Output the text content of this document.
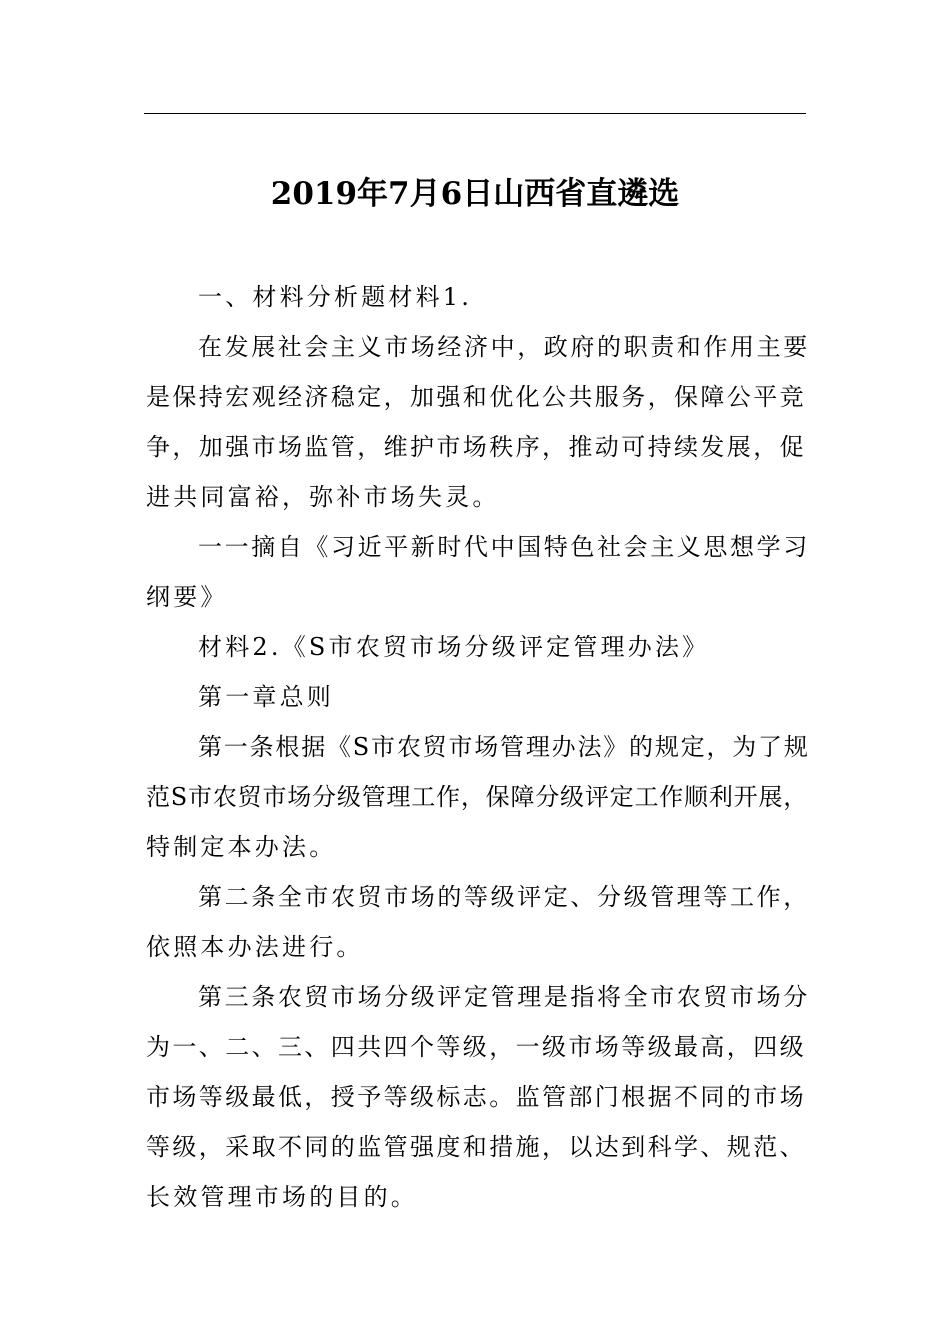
2019年7月6日山西省直遴选

一、材料分析题材料1.

在发展社会主义市场经济中，政府的职责和作用主要

是保持宏观经济稳定，加强和优化公共服务，保障公平竞

争，加强市场监管，维护市场秩序，推动可持续发展，促

进共同富裕，弥补市场失灵。

一一摘自《习近平新时代中国特色社会主义思想学习

纲要》

材料2.《S市农贸市场分级评定管理办法》

第一章总则

第一条根据《S市农贸市场管理办法》的规定，为了规

范S市农贸市场分级管理工作，保障分级评定工作顺利开展，

特制定本办法。

第二条全市农贸市场的等级评定、分级管理等工作，

依照本办法进行。

第三条农贸市场分级评定管理是指将全市农贸市场分

为一、二、三、四共四个等级，一级市场等级最高，四级

市场等级最低，授予等级标志。监管部门根据不同的市场

等级，采取不同的监管强度和措施，以达到科学、规范、

长效管理市场的目的。
